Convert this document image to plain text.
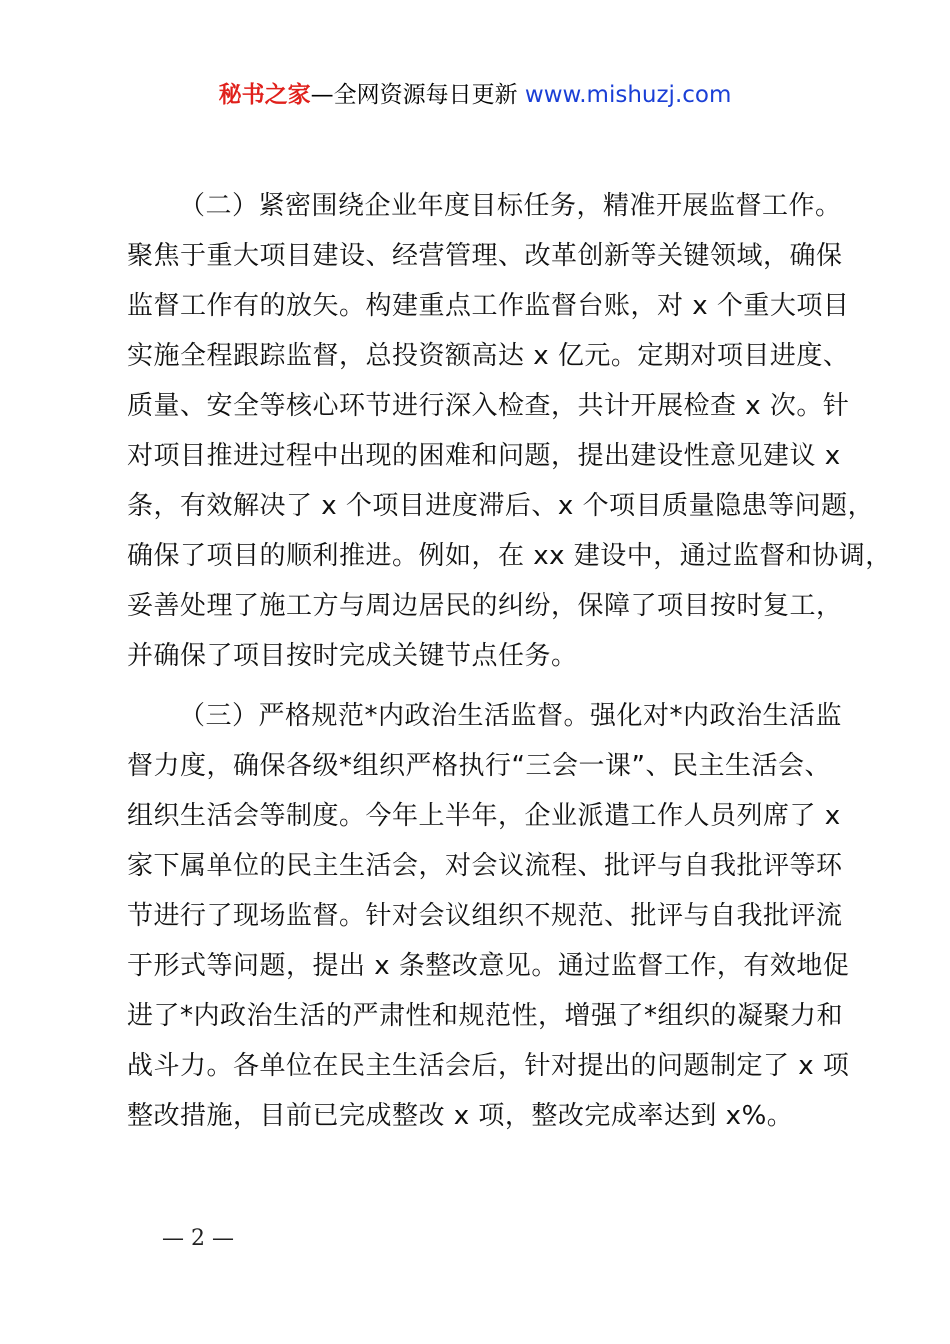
秘书之家—全网资源每日更新 www.mishuzj.com
（二）紧密围绕企业年度目标任务，精准开展监督工作。
聚焦于重大项目建设、经营管理、改革创新等关键领域，确保
监督工作有的放矢。构建重点工作监督台账，对 x 个重大项目
实施全程跟踪监督，总投资额高达 x 亿元。定期对项目进度、
质量、安全等核心环节进行深入检查，共计开展检查 x 次。针
对项目推进过程中出现的困难和问题，提出建设性意见建议 x
条，有效解决了 x 个项目进度滞后、x 个项目质量隐患等问题，
确保了项目的顺利推进。例如，在 xx 建设中，通过监督和协调，
妥善处理了施工方与周边居民的纠纷，保障了项目按时复工，
并确保了项目按时完成关键节点任务。
（三）严格规范*内政治生活监督。强化对*内政治生活监
督力度，确保各级*组织严格执行“三会一课”、民主生活会、
组织生活会等制度。今年上半年，企业派遣工作人员列席了 x
家下属单位的民主生活会，对会议流程、批评与自我批评等环
节进行了现场监督。针对会议组织不规范、批评与自我批评流
于形式等问题，提出 x 条整改意见。通过监督工作，有效地促
进了*内政治生活的严肃性和规范性，增强了*组织的凝聚力和
战斗力。各单位在民主生活会后，针对提出的问题制定了 x 项
整改措施，目前已完成整改 x 项，整改完成率达到 x%。
— 2 —
